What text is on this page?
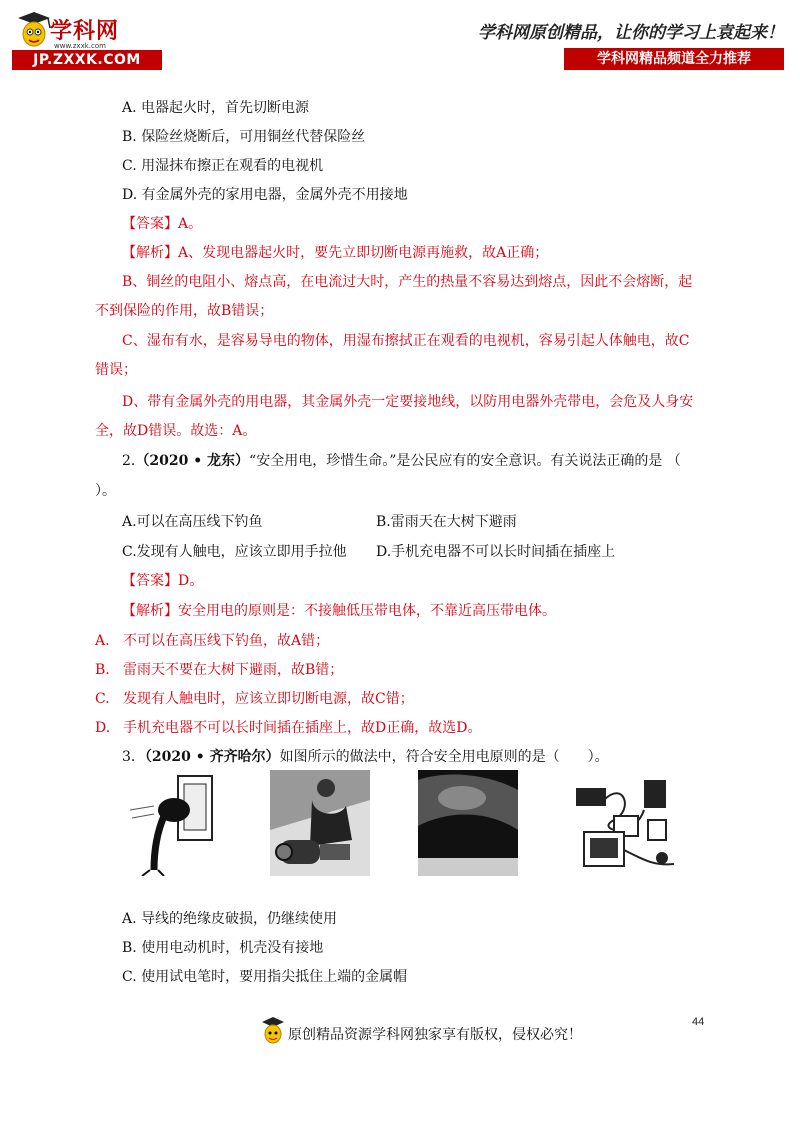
学科网
www.zxxk.com
JP.ZXXK.COM
学科网原创精品，让你的学习上袁起来！
学科网精品频道全力推荐
A. 电器起火时，首先切断电源
B. 保险丝烧断后，可用铜丝代替保险丝
C. 用湿抹布擦正在观看的电视机
D. 有金属外壳的家用电器，金属外壳不用接地
【答案】A。
【解析】A、发现电器起火时，要先立即切断电源再施救，故A正确；
B、铜丝的电阻小、熔点高，在电流过大时，产生的热量不容易达到熔点，因此不会熔断，起
不到保险的作用，故B错误；
C、湿布有水，是容易导电的物体，用湿布擦拭正在观看的电视机，容易引起人体触电，故C
错误；
D、带有金属外壳的用电器，其金属外壳一定要接地线，以防用电器外壳带电，会危及人身安
全，故D错误。故选：A。
2.（2020 • 龙东）“安全用电，珍惜生命。”是公民应有的安全意识。有关说法正确的是 （
）。
A.可以在高压线下钓鱼	B.雷雨天在大树下避雨
C.发现有人触电，应该立即用手拉他 D.手机充电器不可以长时间插在插座上
【答案】D。
【解析】安全用电的原则是：不接触低压带电体，不靠近高压带电体。
A. 不可以在高压线下钓鱼，故A错；
B. 雷雨天不要在大树下避雨，故B错；
C. 发现有人触电时，应该立即切断电源，故C错；
D. 手机充电器不可以长时间插在插座上，故D正确，故选D。
3．（2020 • 齐齐哈尔）如图所示的做法中，符合安全用电原则的是（　　）。
A. 导线的绝缘皮破损，仍继续使用
B. 使用电动机时，机壳没有接地
C. 使用试电笔时，要用指尖抵住上端的金属帽
44
原创精品资源学科网独家享有版权，侵权必究！
